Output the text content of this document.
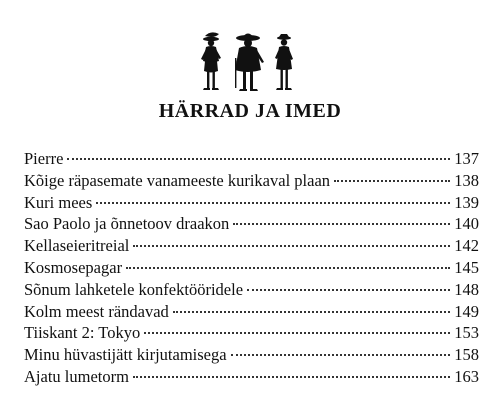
HÄRRAD JA IMED
Pierre	137
Kõige räpasemate vanameeste kurikaval plaan	138
Kuri mees	139
Sao Paolo ja õnnetoov draakon	140
Kellaseieritreial	142
Kosmosepagar	145
Sõnum lahketele konfektööridele	148
Kolm meest rändavad	149
Tiiskant 2: Tokyo	153
Minu hüvastijätt kirjutamisega	158
Ajatu lumetorm	163
